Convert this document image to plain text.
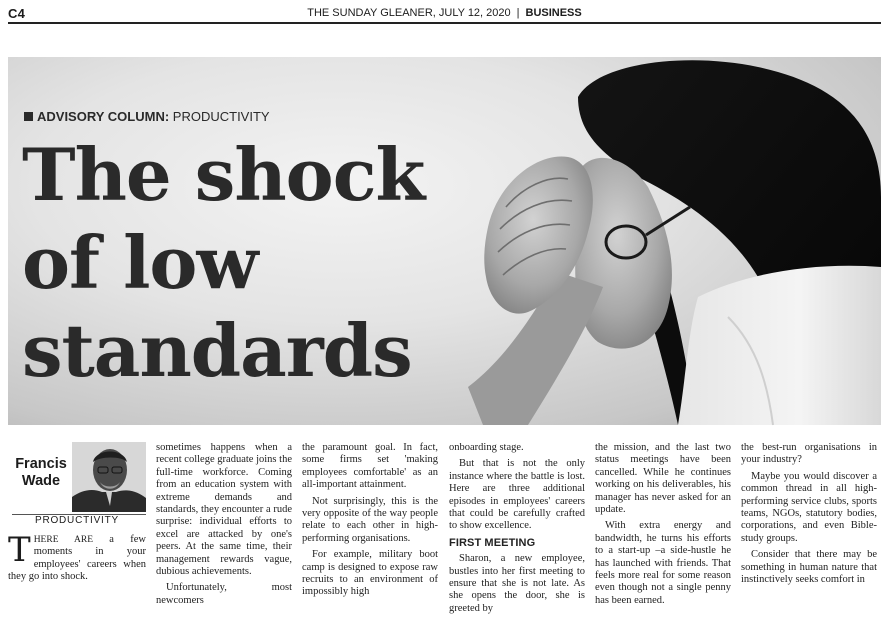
C4	THE SUNDAY GLEANER, JULY 12, 2020 | BUSINESS
ADVISORY COLUMN: PRODUCTIVITY
The shock
of low
standards
Francis
Wade
PRODUCTIVITY
THERE ARE a few moments in your employees' careers when they go into shock.

sometimes happens when a recent college graduate joins the full-time workforce. Coming from an education system with extreme demands and standards, they encounter a rude surprise: individual efforts to excel are attacked by one's peers. At the same time, their management rewards vague, dubious achievements.

Unfortunately, most newcomers

the paramount goal. In fact, some firms set 'making employees comfortable' as an all-important attainment.

Not surprisingly, this is the very opposite of the way people relate to each other in high-performing organisations.

For example, military boot camp is designed to expose raw recruits to an environment of impossibly high

onboarding stage.

But that is not the only instance where the battle is lost. Here are three additional episodes in employees' careers that could be carefully crafted to show excellence.

FIRST MEETING

Sharon, a new employee, bustles into her first meeting to ensure that she is not late. As she opens the door, she is greeted by

the mission, and the last two status meetings have been cancelled. While he continues working on his deliverables, his manager has never asked for an update.

With extra energy and bandwidth, he turns his efforts to a start-up –a side-hustle he has launched with friends. That feels more real for some reason even though not a single penny has been earned.

the best-run organisations in your industry?

Maybe you would discover a common thread in all high-performing service clubs, sports teams, NGOs, statutory bodies, corporations, and even Bible-study groups.

Consider that there may be something in human nature that instinctively seeks comfort in
